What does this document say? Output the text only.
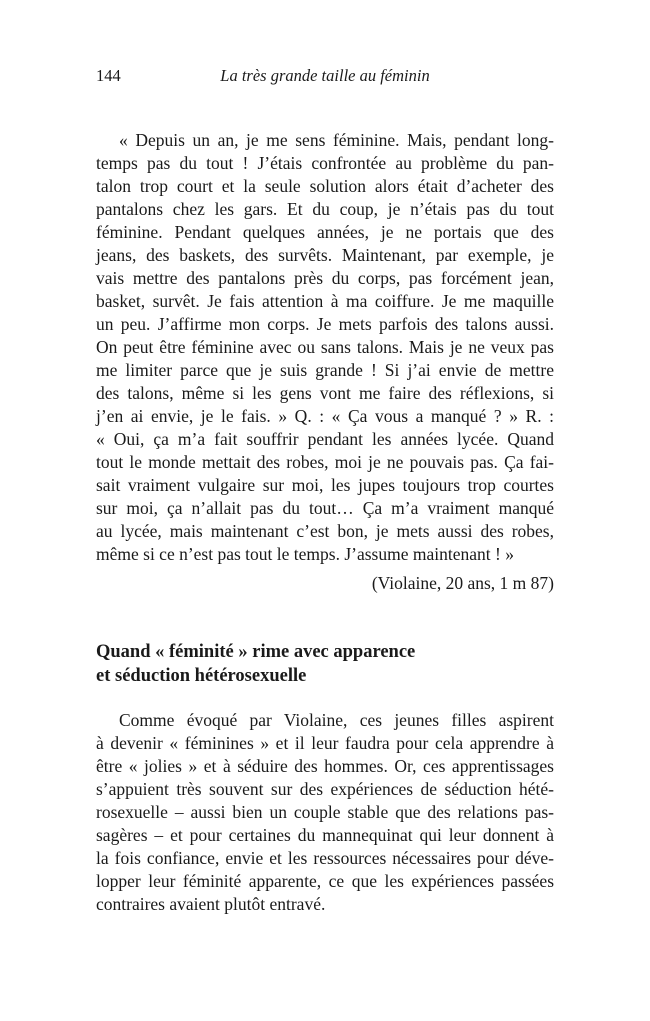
144	La très grande taille au féminin
« Depuis un an, je me sens féminine. Mais, pendant long-
temps pas du tout ! J’étais confrontée au problème du pan-
talon trop court et la seule solution alors était d’acheter des
pantalons chez les gars. Et du coup, je n’étais pas du tout
féminine. Pendant quelques années, je ne portais que des
jeans, des baskets, des survêts. Maintenant, par exemple, je
vais mettre des pantalons près du corps, pas forcément jean,
basket, survêt. Je fais attention à ma coiffure. Je me maquille
un peu. J’affirme mon corps. Je mets parfois des talons aussi.
On peut être féminine avec ou sans talons. Mais je ne veux pas
me limiter parce que je suis grande ! Si j’ai envie de mettre
des talons, même si les gens vont me faire des réflexions, si
j’en ai envie, je le fais. » Q. : « Ça vous a manqué ? » R. :
« Oui, ça m’a fait souffrir pendant les années lycée. Quand
tout le monde mettait des robes, moi je ne pouvais pas. Ça fai-
sait vraiment vulgaire sur moi, les jupes toujours trop courtes
sur moi, ça n’allait pas du tout… Ça m’a vraiment manqué
au lycée, mais maintenant c’est bon, je mets aussi des robes,
même si ce n’est pas tout le temps. J’assume maintenant ! »
(Violaine, 20 ans, 1 m 87)
Quand « féminité » rime avec apparence
et séduction hétérosexuelle
Comme évoqué par Violaine, ces jeunes filles aspirent
à devenir « féminines » et il leur faudra pour cela apprendre à
être « jolies » et à séduire des hommes. Or, ces apprentissages
s’appuient très souvent sur des expériences de séduction hété-
rosexuelle – aussi bien un couple stable que des relations pas-
sagères – et pour certaines du mannequinat qui leur donnent à
la fois confiance, envie et les ressources nécessaires pour déve-
lopper leur féminité apparente, ce que les expériences passées
contraires avaient plutôt entravé.
